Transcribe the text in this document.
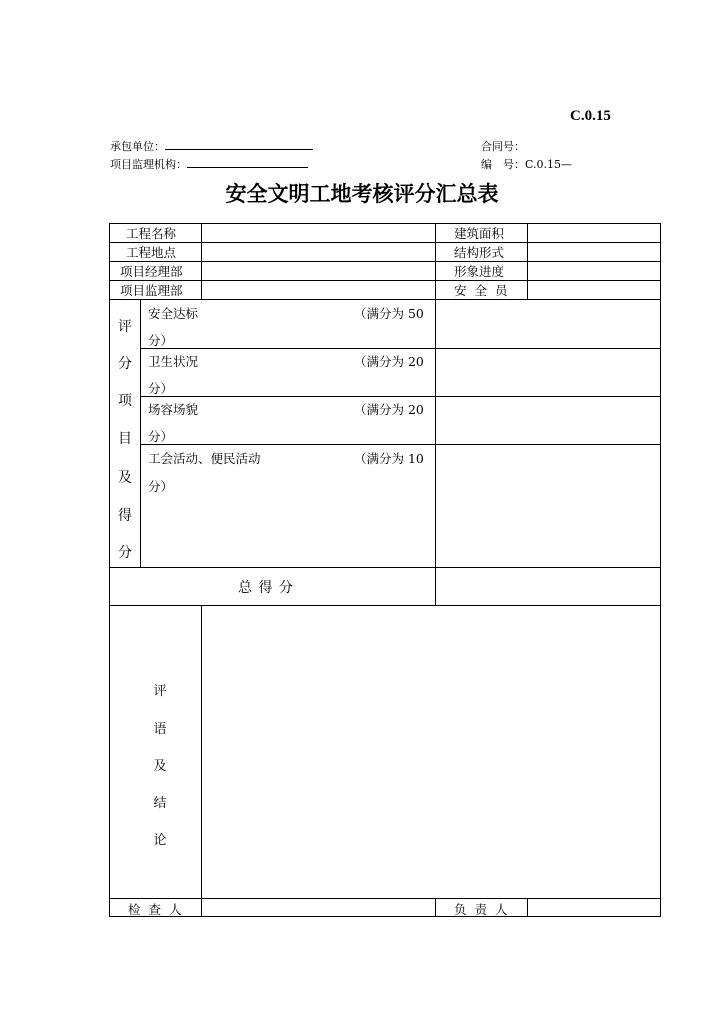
C.0.15
承包单位：
项目监理机构：
合同号：
编　号：C.0.15—
安全文明工地考核评分汇总表
工程名称	建筑面积
工程地点	结构形式
项目经理部	形象进度
项目监理部	安 全 员
评
分
项
目
及
得
分
安全达标	（满分为 50
分）
卫生状况	（满分为 20
分）
场容场貌	（满分为 20
分）
工会活动、便民活动	（满分为 10
分）
总 得 分
评
语
及
结
论
检 查 人	负 责 人
